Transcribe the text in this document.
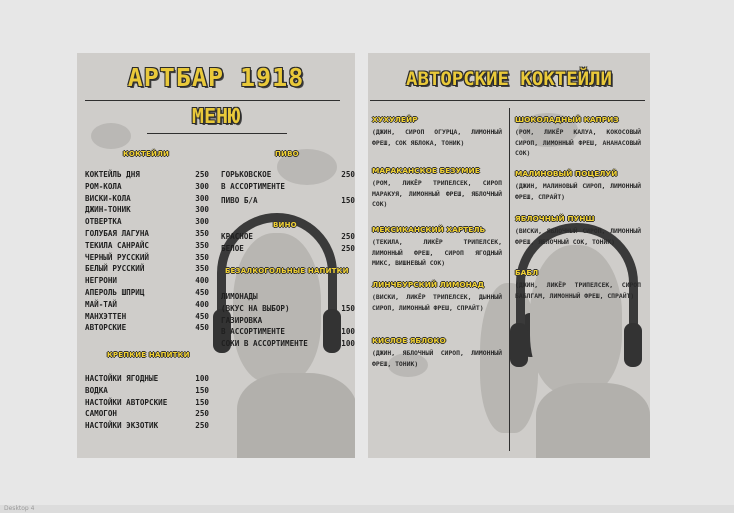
АРТБАР 1918
МЕНЮ
КОКТЕЙЛИ
КОКТЕЙЛЬ ДНЯ	250
РОМ-КОЛА	300
ВИСКИ-КОЛА	300
ДЖИН-ТОНИК	300
ОТВЕРТКА	300
ГОЛУБАЯ ЛАГУНА	350
ТЕКИЛА САНРАЙС	350
ЧЕРНЫЙ РУССКИЙ	350
БЕЛЫЙ РУССКИЙ	350
НЕГРОНИ	400
АПЕРОЛЬ ШПРИЦ	450
МАЙ-ТАЙ	400
МАНХЭТТЕН	450
АВТОРСКИЕ	450
КРЕПКИЕ НАПИТКИ
НАСТОЙКИ ЯГОДНЫЕ	100
ВОДКА	150
НАСТОЙКИ АВТОРСКИЕ	150
САМОГОН	250
НАСТОЙКИ ЭКЗОТИК	250
ПИВО
ГОРЬКОВСКОЕ	250
В АССОРТИМЕНТЕ
ПИВО Б/А	150
ВИНО
КРАСНОЕ	250
БЕЛОЕ	250
БЕЗАЛКОГОЛЬНЫЕ НАПИТКИ
ЛИМОНАДЫ
(ВКУС НА ВЫБОР)	150
ГАЗИРОВКА
В АССОРТИМЕНТЕ	100
СОКИ В АССОРТИМЕНТЕ	100
АВТОРСКИЕ КОКТЕЙЛИ
ХУХУЛЕЙР
(ДЖИН, СИРОП ОГУРЦА, ЛИМОННЫЙ ФРЕШ, СОК ЯБЛОКА, ТОНИК)
МАРАКАНСКОЕ БЕЗУМИЕ
(РОМ, ЛИКЁР ТРИПЕЛСЕК, СИРОП МАРАКУЯ, ЛИМОННЫЙ ФРЕШ, ЯБЛОЧНЫЙ СОК)
МЕКСИКАНСКИЙ ХАРТЕЛЬ
(ТЕКИЛА, ЛИКЁР ТРИПЕЛСЕК, ЛИМОННЫЙ ФРЕШ, СИРОП ЯГОДНЫЙ МИКС, ВИШНЕВЫЙ СОК)
ЛИНЧБУРСКИЙ ЛИМОНАД
(ВИСКИ, ЛИКЁР ТРИПЕЛСЕК, ДЫННЫЙ СИРОП, ЛИМОННЫЙ ФРЕШ, СПРАЙТ)
КИСЛОЕ ЯБЛОКО
(ДЖИН, ЯБЛОЧНЫЙ СИРОП, ЛИМОННЫЙ ФРЕШ, ТОНИК)
ШОКОЛАДНЫЙ КАПРИЗ
(РОМ, ЛИКЁР КАЛУА, КОКОСОВЫЙ СИРОП, ЛИМОННЫЙ ФРЕШ, АНАНАСОВЫЙ СОК)
МАЛИНОВЫЙ ПОЦЕЛУЙ
(ДЖИН, МАЛИНОВЫЙ СИРОП, ЛИМОННЫЙ ФРЕШ, СПРАЙТ)
ЯБЛОЧНЫЙ ПУНШ
(ВИСКИ, ЯБЛОЧНЫЙ СИРОП, ЛИМОННЫЙ ФРЕШ, ЯБЛОЧНЫЙ СОК, ТОНИК)
БАБЛ
(ДЖИН, ЛИКЁР ТРИПЕЛСЕК, СИРОП БАБЛГАМ, ЛИМОННЫЙ ФРЕШ, СПРАЙТ)
Desktop 4
